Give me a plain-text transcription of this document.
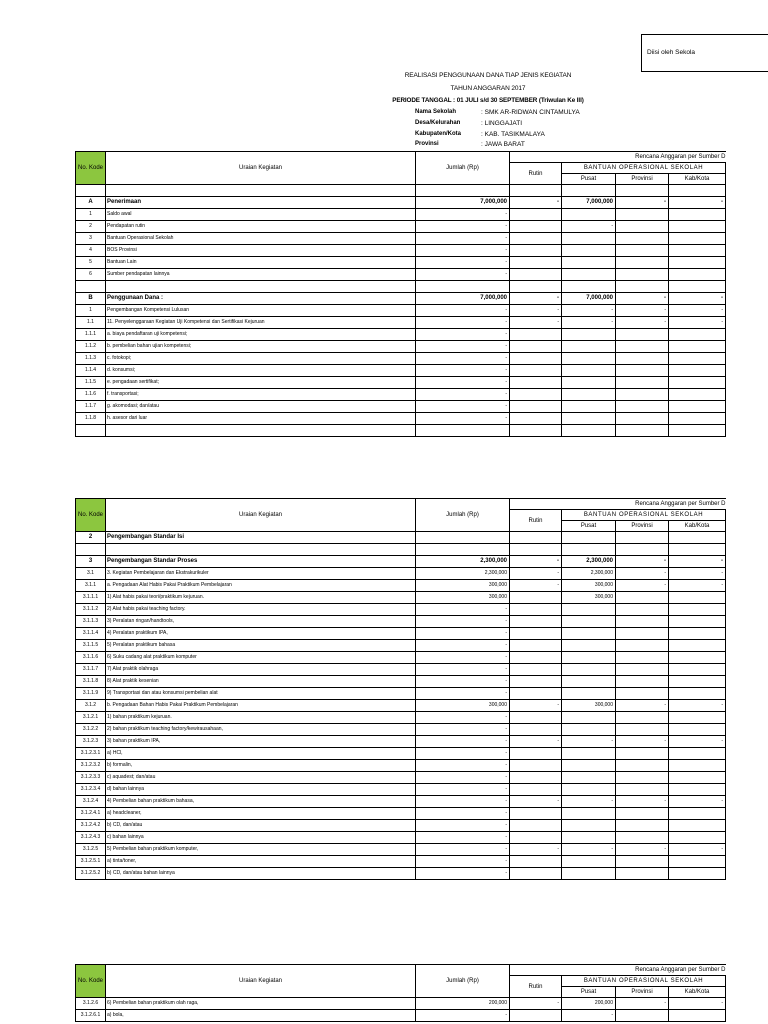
Diisi oleh Sekola
REALISASI PENGGUNAAN DANA TIAP JENIS KEGIATAN
TAHUN ANGGARAN 2017
PERIODE TANGGAL : 01 JULI s/d 30 SEPTEMBER (Triwulan Ke III)
Nama Sekolah	: SMK AR-RIDWAN CINTAMULYA
Desa/Kelurahan	: LINGGAJATI
Kabupaten/Kota	: KAB. TASIKMALAYA
Provinsi	: JAWA BARAT
No. Kode	Uraian Kegiatan	Jumlah (Rp)	Rencana Anggaran per Sumber D			
			Rutin	BANTUAN OPERASIONAL SEKOLAH		
				Pusat	Provinsi	Kab/Kota

A	Penerimaan	7,000,000	-	7,000,000	-	-
1	Saldo awal	-				
2	Pendapatan rutin	-		-		
3	Bantuan Operasional Sekolah	-				
4	BOS Provinsi	-				
5	Bantuan Lain	-				
6	Sumber pendapatan lainnya	-				

B	Penggunaan Dana :	7,000,000	-	7,000,000	-	-
1	Pengembangan Kompetensi Lulusan	-	-	-	-	-
1.1	11. Penyelenggaraan Kegiatan Uji Kompetensi dan Sertifikasi Kejuruan	-	-	-	-	-
1.1.1	a. biaya pendaftaran uji kompetensi;	-				
1.1.2	b. pembelian bahan ujian kompetensi;	-				
1.1.3	c. fotokopi;	-				
1.1.4	d. konsumsi;	-				
1.1.5	e. pengadaan sertifikat;	-				
1.1.6	f. transportasi;	-				
1.1.7	g. akomodasi; dan/atau	-				
1.1.8	h. asesor dari luar	-				

No. Kode	Uraian Kegiatan	Jumlah (Rp)	Rencana Anggaran per Sumber D			
			Rutin	BANTUAN OPERASIONAL SEKOLAH		
				Pusat	Provinsi	Kab/Kota
2	Pengembangan Standar Isi					

3	Pengembangan Standar Proses	2,300,000	-	2,300,000	-	-
3.1	3. Kegiatan Pembelajaran dan Ekstrakurikuler	2,300,000	-	2,300,000	-	-
3.1.1	a. Pengadaan Alat Habis Pakai Praktikum Pembelajaran	300,000	-	300,000	-	-
3.1.1.1	1) Alat habis pakai teori/praktikum kejuruan.	300,000		300,000		
3.1.1.2	2) Alat habis pakai teaching factory.	-				
3.1.1.3	3) Peralatan ringan/handtools,	-				
3.1.1.4	4) Peralatan praktikum IPA,	-				
3.1.1.5	5) Peralatan praktikum bahasa	-				
3.1.1.6	6) Suku cadang alat praktikum komputer	-				
3.1.1.7	7) Alat praktik olahraga	-				
3.1.1.8	8) Alat praktik kesenian	-				
3.1.1.9	9) Transportasi dan atau konsumsi pembelian alat	-				
3.1.2	b. Pengadaan Bahan Habis Pakai Praktikum Pembelajaran	300,000	-	300,000	-	-
3.1.2.1	1) bahan praktikum kejuruan.	-				
3.1.2.2	2) bahan praktikum teaching factory/kewirausahaan,	-				
3.1.2.3	3) bahan praktikum IPA,	-	-	-	-	-
3.1.2.3.1	a) HCl,	-				
3.1.2.3.2	b) formalin,	-				
3.1.2.3.3	c) aquadest; dan/atau	-				
3.1.2.3.4	d) bahan lainnya	-				
3.1.2.4	4) Pembelian bahan praktikum bahasa,	-	-	-	-	-
3.1.2.4.1	a) headcleaner,	-				
3.1.2.4.2	b) CD, dan/atau	-				
3.1.2.4.3	c) bahan lainnya	-				
3.1.2.5	5) Pembelian bahan praktikum komputer,	-	-	-	-	-
3.1.2.5.1	a) tinta/toner,	-				
3.1.2.5.2	b) CD, dan/atau bahan lainnya	-				
No. Kode	Uraian Kegiatan	Jumlah (Rp)	Rencana Anggaran per Sumber D			
			Rutin	BANTUAN OPERASIONAL SEKOLAH		
				Pusat	Provinsi	Kab/Kota
3.1.2.6	6) Pembelian bahan praktikum olah raga,	200,000	-	200,000	-	-
3.1.2.6.1	a) bola,	-		-		
